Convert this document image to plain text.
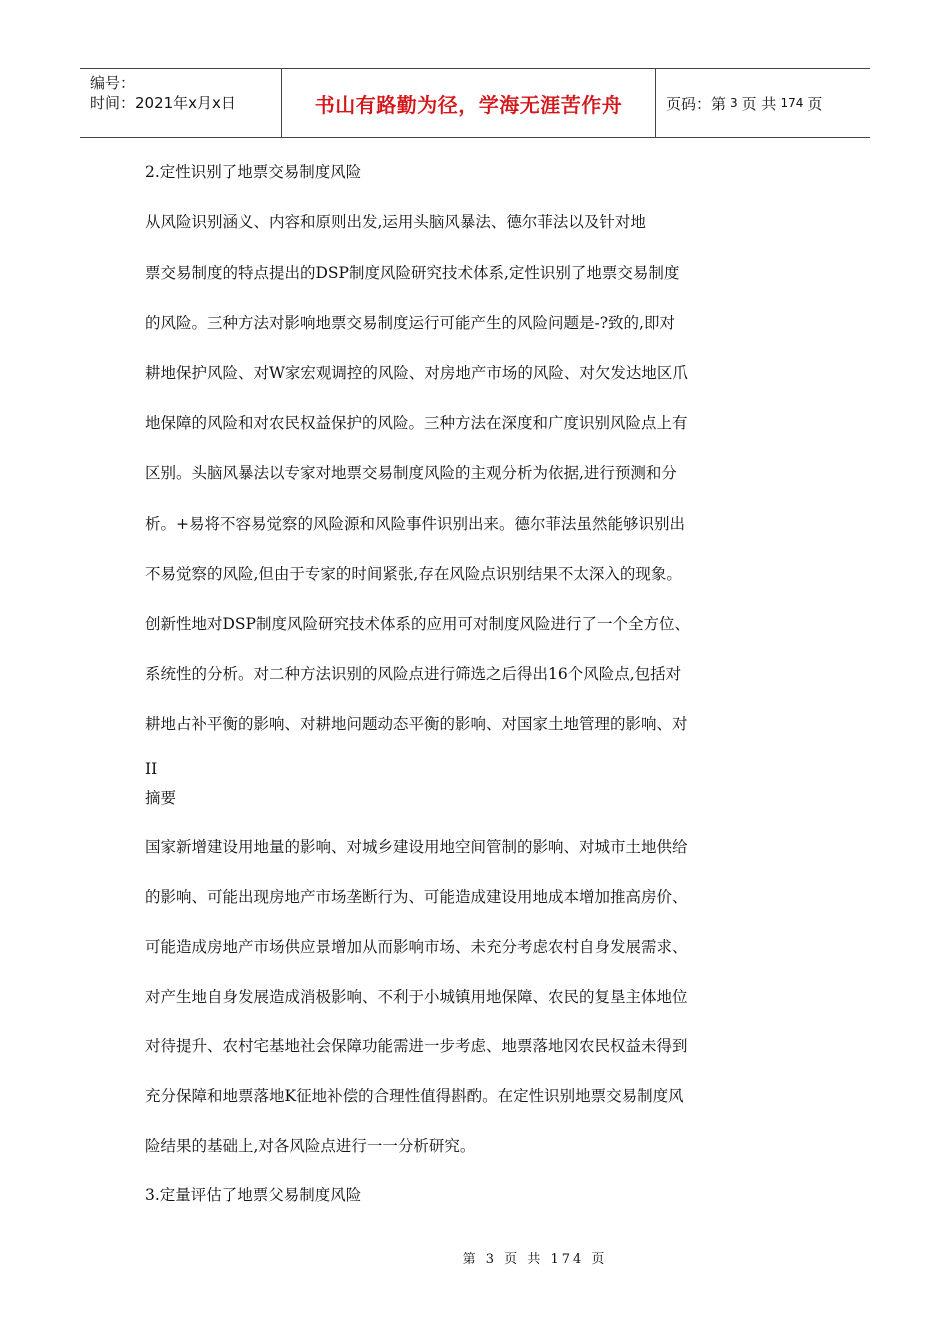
编号：
时间：2021年x月x日	书山有路勤为径，学海无涯苦作舟	页码：第 3 页 共 174 页
2.定性识别了地票交易制度风险
从风险识别涵义、内容和原则出发,运用头脑风暴法、德尔菲法以及针对地
票交易制度的特点提出的DSP制度风险研究技术体系,定性识别了地票交易制度
的风险。三种方法对影响地票交易制度运行可能产生的风险问题是-?致的,即对
耕地保护风险、对W家宏观调控的风险、对房地产市场的风险、对欠发达地区爪
地保障的风险和对农民权益保护的风险。三种方法在深度和广度识别风险点上有
区别。头脑风暴法以专家对地票交易制度风险的主观分析为依据,进行预测和分
析。+易将不容易觉察的风险源和风险事件识别出来。德尔菲法虽然能够识别出
不易觉察的风险,但由于专家的时间紧张,存在风险点识别结果不太深入的现象。
创新性地对DSP制度风险研究技术体系的应用可对制度风险进行了一个全方位、
系统性的分析。对二种方法识别的风险点进行筛选之后得出16个风险点,包括对
耕地占补平衡的影响、对耕地问题动态平衡的影响、对国家土地管理的影响、对
II
摘要
国家新增建设用地量的影响、对城乡建设用地空间管制的影响、对城市土地供给
的影响、可能出现房地产市场垄断行为、可能造成建设用地成本增加推高房价、
可能造成房地产市场供应景增加从而影响市场、未充分考虑农村自身发展需求、
对产生地自身发展造成消极影响、不利于小城镇用地保障、农民的复垦主体地位
对待提升、农村宅基地社会保障功能需进一步考虑、地票落地冈农民权益未得到
充分保障和地票落地K征地补偿的合理性值得斟酌。在定性识别地票交易制度风
险结果的基础上,对各风险点进行一一分析研究。
3.定量评估了地票父易制度风险
第 3 页 共 174 页
